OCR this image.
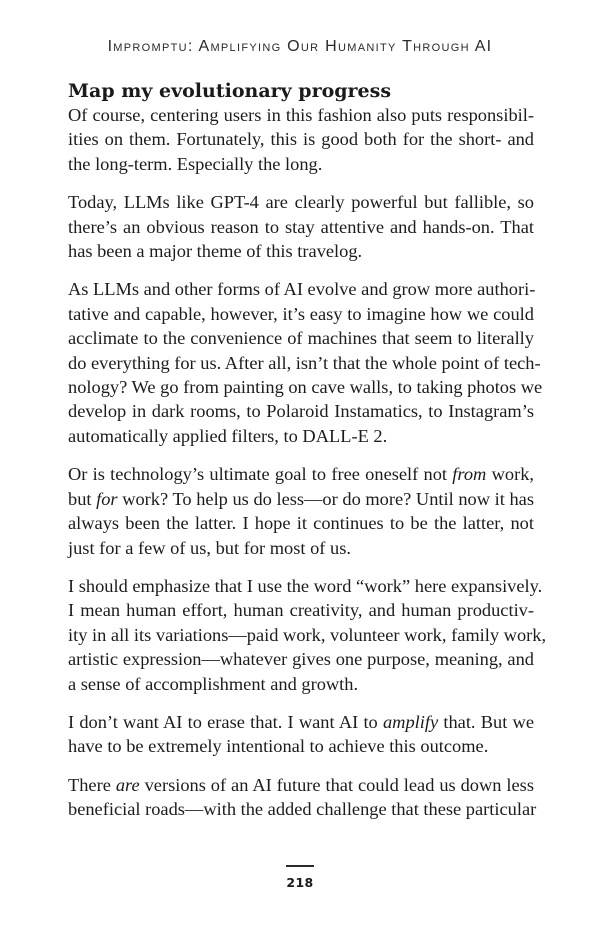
Impromptu: Amplifying Our Humanity Through AI
Map my evolutionary progress

Of course, centering users in this fashion also puts responsibil-
ities on them. Fortunately, this is good both for the short- and
the long-term. Especially the long.

Today, LLMs like GPT-4 are clearly powerful but fallible, so
there’s an obvious reason to stay attentive and hands-on. That
has been a major theme of this travelog.

As LLMs and other forms of AI evolve and grow more authori-
tative and capable, however, it’s easy to imagine how we could
acclimate to the convenience of machines that seem to literally
do everything for us. After all, isn’t that the whole point of tech-
nology? We go from painting on cave walls, to taking photos we
develop in dark rooms, to Polaroid Instamatics, to Instagram’s
automatically applied filters, to DALL-E 2.

Or is technology’s ultimate goal to free oneself not from work,
but for work? To help us do less—or do more? Until now it has
always been the latter. I hope it continues to be the latter, not
just for a few of us, but for most of us.

I should emphasize that I use the word “work” here expansively.
I mean human effort, human creativity, and human productiv-
ity in all its variations—paid work, volunteer work, family work,
artistic expression—whatever gives one purpose, meaning, and
a sense of accomplishment and growth.

I don’t want AI to erase that. I want AI to amplify that. But we
have to be extremely intentional to achieve this outcome.

There are versions of an AI future that could lead us down less
beneficial roads—with the added challenge that these particular

218
